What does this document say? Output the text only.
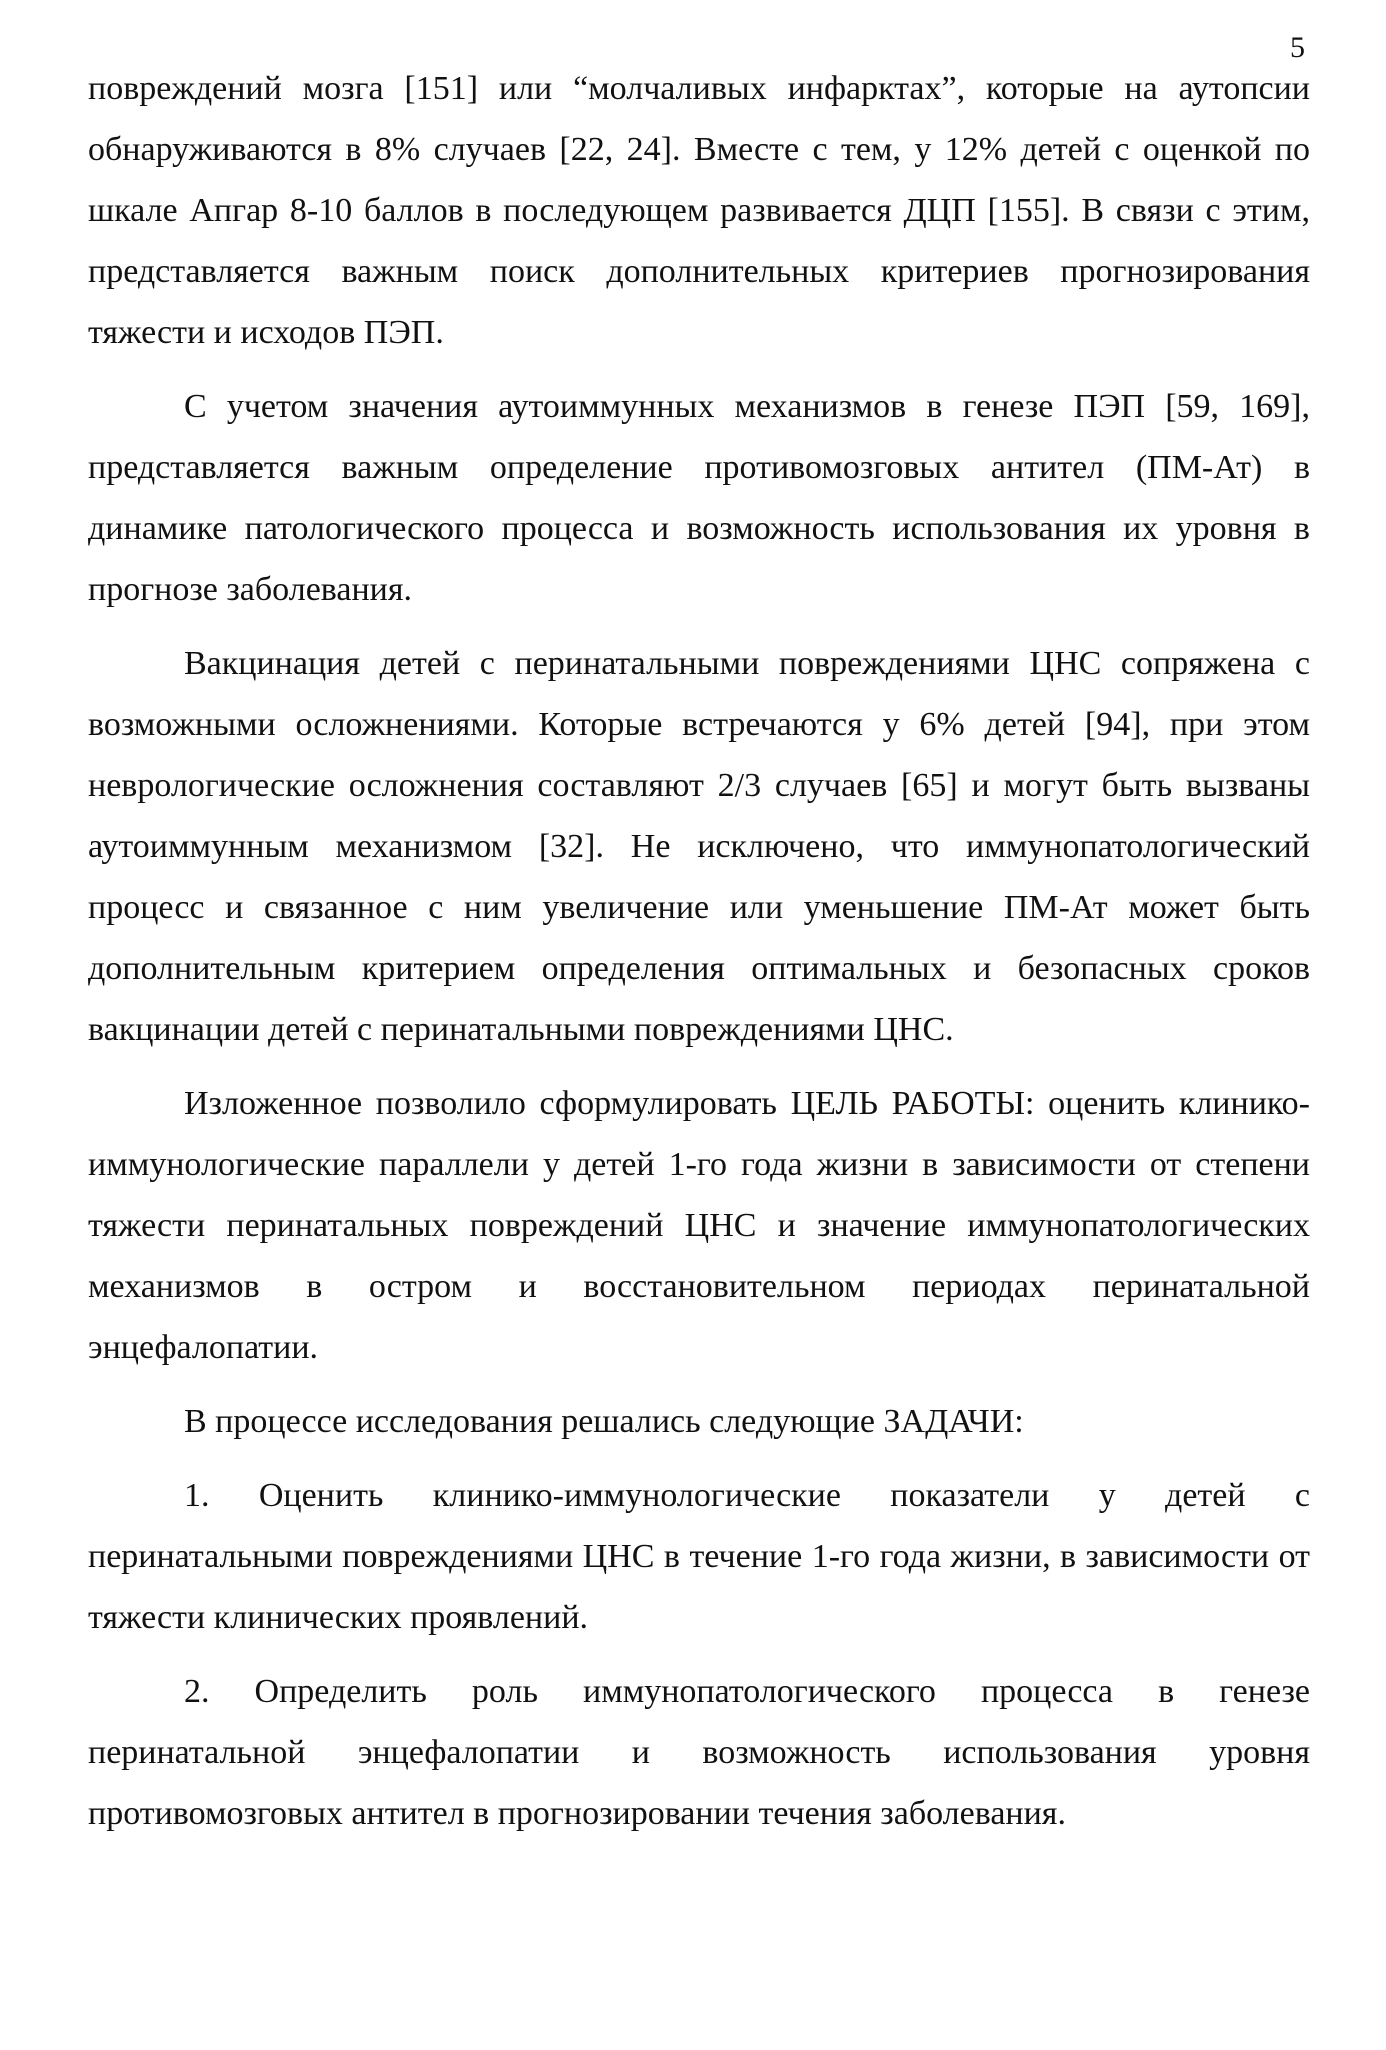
5

повреждений мозга [151] или “молчаливых инфарктах”, которые на аутопсии обнаруживаются в 8% случаев [22, 24]. Вместе с тем, у 12% детей с оценкой по шкале Апгар 8-10 баллов в последующем развивается ДЦП [155]. В связи с этим, представляется важным поиск дополнительных критериев прогнозирования тяжести и исходов ПЭП.

С учетом значения аутоиммунных механизмов в генезе ПЭП [59, 169], представляется важным определение противомозговых антител (ПМ-Ат) в динамике патологического процесса и возможность использования их уровня в прогнозе заболевания.

Вакцинация детей с перинатальными повреждениями ЦНС сопряжена с возможными осложнениями. Которые встречаются у 6% детей [94], при этом неврологические осложнения составляют 2/3 случаев [65] и могут быть вызваны аутоиммунным механизмом [32]. Не исключено, что иммунопатологический процесс и связанное с ним увеличение или уменьшение ПМ-Ат может быть дополнительным критерием определения оптимальных и безопасных сроков вакцинации детей с перинатальными повреждениями ЦНС.

Изложенное позволило сформулировать ЦЕЛЬ РАБОТЫ: оценить клинико-иммунологические параллели у детей 1-го года жизни в зависимости от степени тяжести перинатальных повреждений ЦНС и значение иммунопатологических механизмов в остром и восстановительном периодах перинатальной энцефалопатии.

В процессе исследования решались следующие ЗАДАЧИ:

1. Оценить клинико-иммунологические показатели у детей с перинатальными повреждениями ЦНС в течение 1-го года жизни, в зависимости от тяжести клинических проявлений.

2. Определить роль иммунопатологического процесса в генезе перинатальной энцефалопатии и возможность использования уровня противомозговых антител в прогнозировании течения заболевания.
